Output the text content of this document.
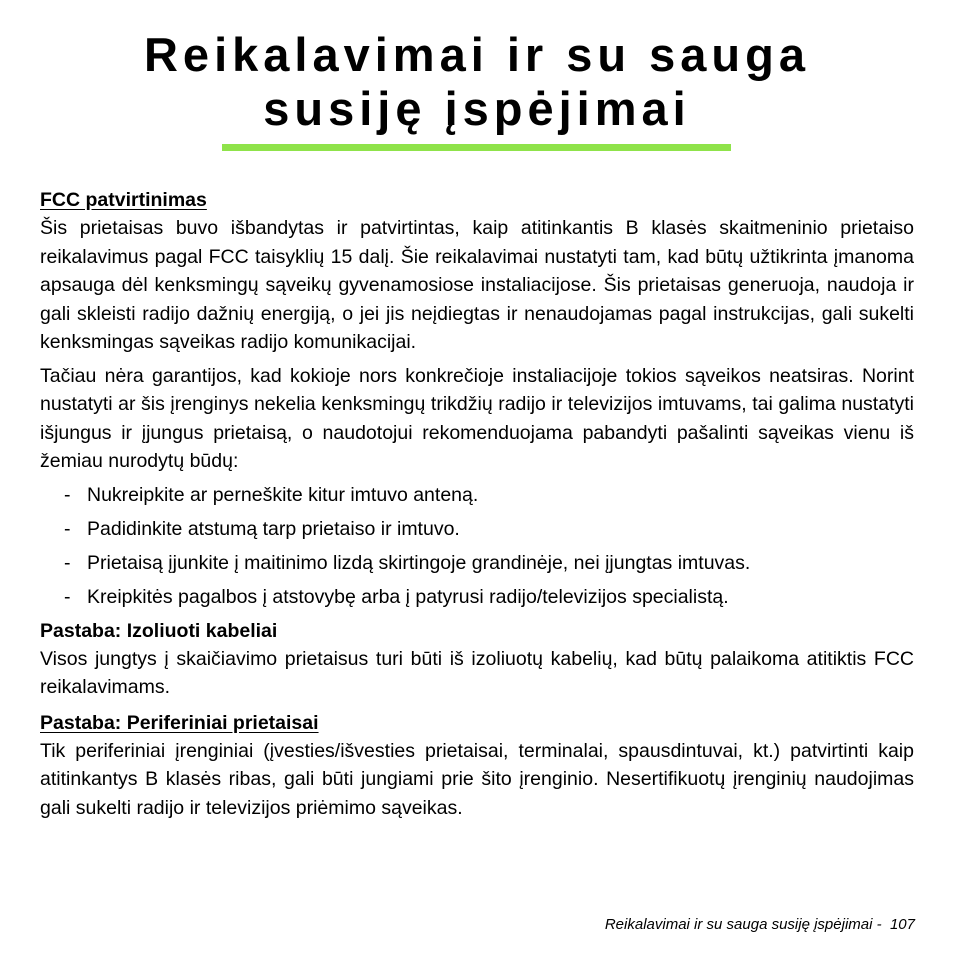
Reikalavimai ir su sauga
susiję įspėjimai
FCC patvirtinimas

Šis prietaisas buvo išbandytas ir patvirtintas, kaip atitinkantis B klasės skaitmeninio prietaiso reikalavimus pagal FCC taisyklių 15 dalį. Šie reikalavimai nustatyti tam, kad būtų užtikrinta įmanoma apsauga dėl kenksmingų sąveikų gyvenamosiose instaliacijose. Šis prietaisas generuoja, naudoja ir gali skleisti radijo dažnių energiją, o jei jis neįdiegtas ir nenaudojamas pagal instrukcijas, gali sukelti kenksmingas sąveikas radijo komunikacijai.

Tačiau nėra garantijos, kad kokioje nors konkrečioje instaliacijoje tokios sąveikos neatsiras. Norint nustatyti ar šis įrenginys nekelia kenksmingų trikdžių radijo ir televizijos imtuvams, tai galima nustatyti išjungus ir įjungus prietaisą, o naudotojui rekomenduojama pabandyti pašalinti sąveikas vienu iš žemiau nurodytų būdų:

- Nukreipkite ar perneškite kitur imtuvo anteną.
- Padidinkite atstumą tarp prietaiso ir imtuvo.
- Prietaisą įjunkite į maitinimo lizdą skirtingoje grandinėje, nei įjungtas imtuvas.
- Kreipkitės pagalbos į atstovybę arba į patyrusi radijo/televizijos specialistą.
Pastaba: Izoliuoti kabeliai

Visos jungtys į skaičiavimo prietaisus turi būti iš izoliuotų kabelių, kad būtų palaikoma atitiktis FCC reikalavimams.

Pastaba: Periferiniai prietaisai

Tik periferiniai įrenginiai (įvesties/išvesties prietaisai, terminalai, spausdintuvai, kt.) patvirtinti kaip atitinkantys B klasės ribas, gali būti jungiami prie šito įrenginio. Nesertifikuotų įrenginių naudojimas gali sukelti radijo ir televizijos priėmimo sąveikas.

Reikalavimai ir su sauga susiję įspėjimai - 107
